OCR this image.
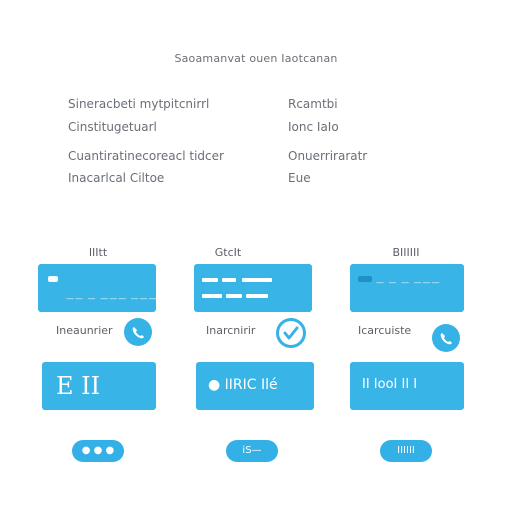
Saoamanvat ouen Iaotcanan
Sineracbeti mytpitcnirrl	Rcamtbi
Cinstitugetuarl	Ionc IaIo
Cuantiratinecoreacl tidcer	Onuerriraratr
Inacarlcal Ciltoe	Eue
IIItt
—— — ——— ———
Ineaunrier
E II
● ● ●
GtcIt
Inarcnirir
● IIRIC Ilé
iS—
BIIIIII
— — — ———
Icarcuiste
II IooI II I
IIIIII
